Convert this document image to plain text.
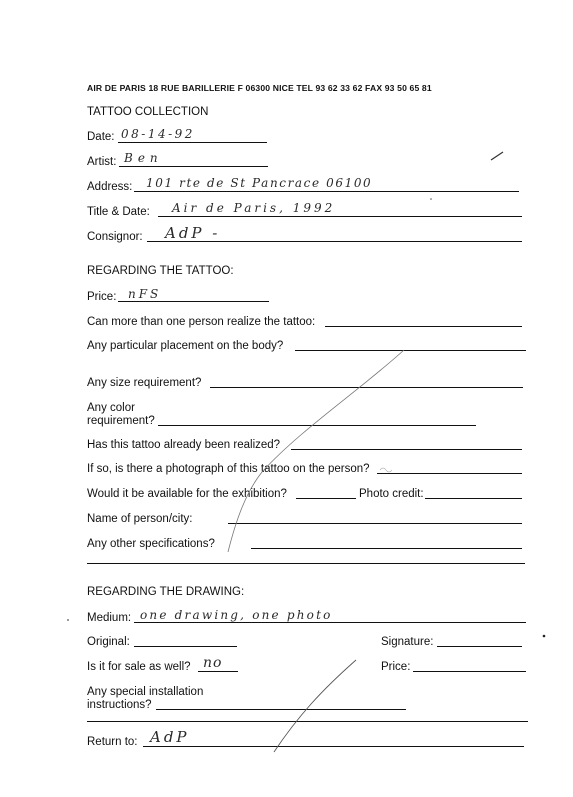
AIR DE PARIS 18 RUE BARILLERIE F 06300 NICE TEL 93 62 33 62 FAX 93 50 65 81
TATTOO COLLECTION
Date: 08-14-92
Artist: Ben
Address: 101 rte de St Pancrace 06100
Title & Date: Air de Paris, 1992
Consignor: AdP -
REGARDING THE TATTOO:
Price: nFS
Can more than one person realize the tattoo:
Any particular placement on the body?
Any size requirement?
Any color
requirement?
Has this tattoo already been realized?
If so, is there a photograph of this tattoo on the person?
Would it be available for the exhibition?	Photo credit:
Name of person/city:
Any other specifications?
REGARDING THE DRAWING:
Medium: one drawing, one photo
Original:	Signature:
Is it for sale as well? no	Price:
Any special installation
instructions?
Return to: AdP
